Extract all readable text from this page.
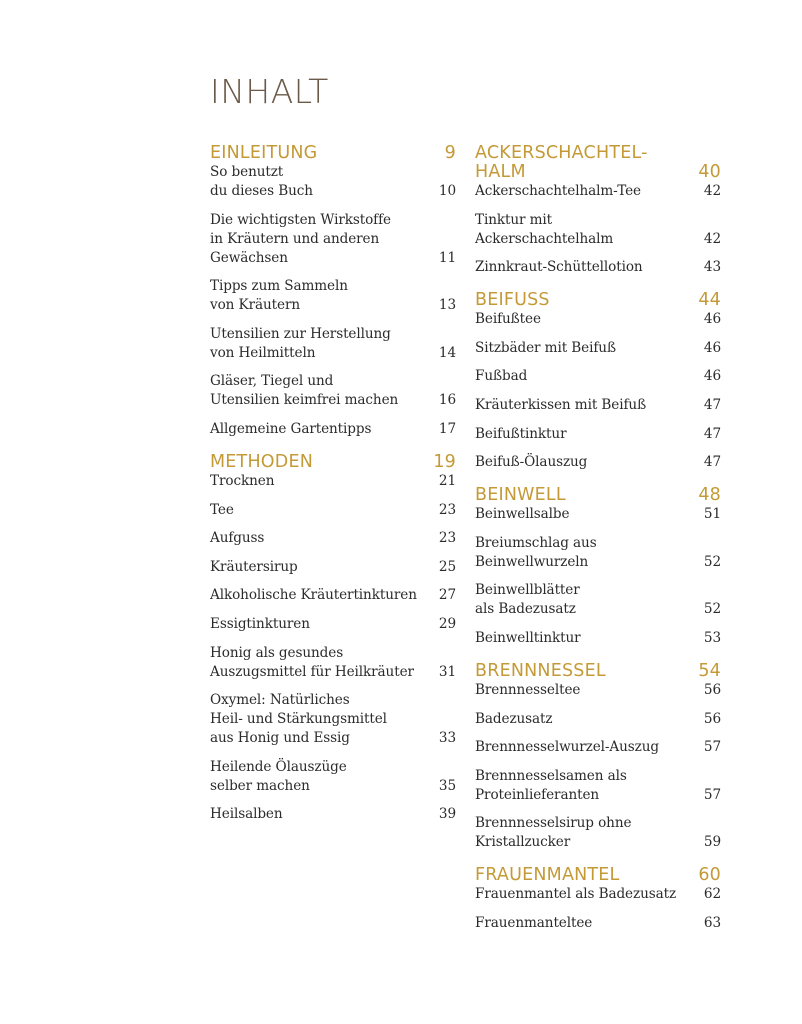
INHALT
EINLEITUNG	9
So benutzt
du dieses Buch	10
Die wichtigsten Wirkstoffe
in Kräutern und anderen
Gewächsen	11
Tipps zum Sammeln
von Kräutern	13
Utensilien zur Herstellung
von Heilmitteln	14
Gläser, Tiegel und
Utensilien keimfrei machen	16
Allgemeine Gartentipps	17
METHODEN	19
Trocknen	21
Tee	23
Aufguss	23
Kräutersirup	25
Alkoholische Kräutertinkturen 27
Essigtinkturen	29
Honig als gesundes
Auszugsmittel für Heilkräuter	31
Oxymel: Natürliches
Heil- und Stärkungsmittel
aus Honig und Essig	33
Heilende Ölauszüge
selber machen	35
Heilsalben	39
ACKERSCHACHTEL-
HALM	40
Ackerschachtelhalm-Tee	42
Tinktur mit Ackerschachtelhalm	42
Zinnkraut-Schüttellotion	43
BEIFUSS	44
Beifußtee	46
Sitzbäder mit Beifuß	46
Fußbad	46
Kräuterkissen mit Beifuß	47
Beifußtinktur	47
Beifuß-Ölauszug	47
BEINWELL	48
Beinwellsalbe	51
Breiumschlag aus
Beinwellwurzeln	52
Beinwellblätter
als Badezusatz	52
Beinwelltinktur	53
BRENNNESSEL	54
Brennnesseltee	56
Badezusatz	56
Brennnesselwurzel-Auszug	57
Brennnesselsamen als
Proteinlieferanten	57
Brennnesselsirup ohne
Kristallzucker	59
FRAUENMANTEL	60
Frauenmantel als Badezusatz	62
Frauenmanteltee	63
